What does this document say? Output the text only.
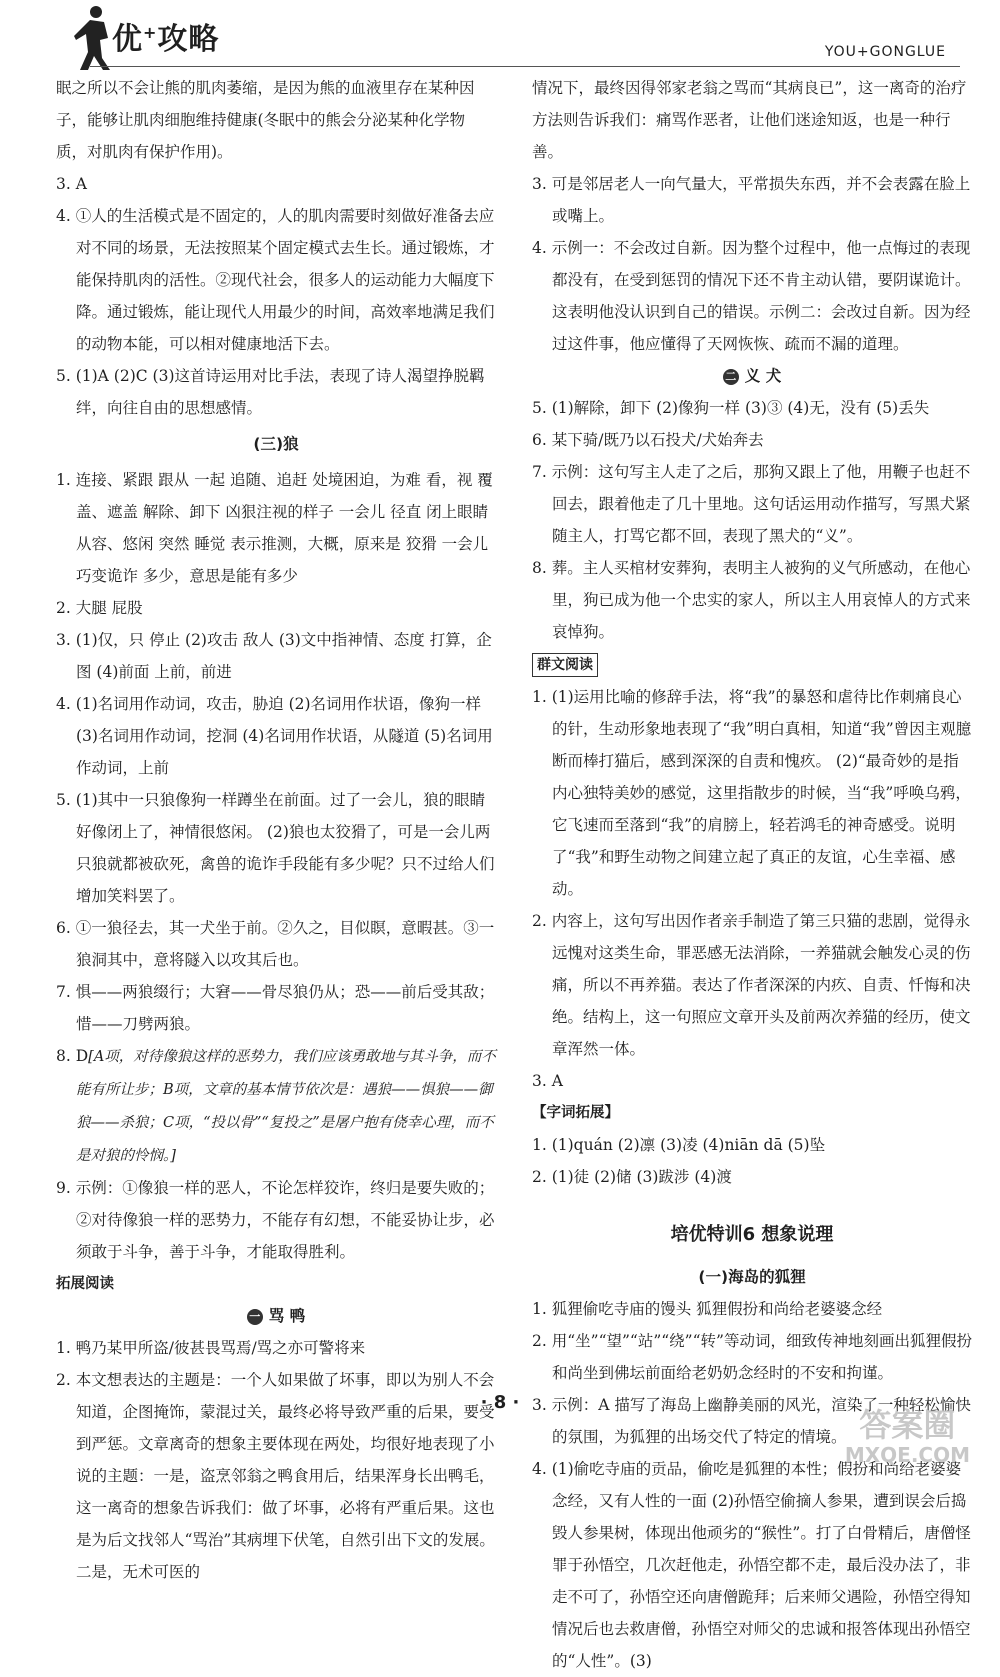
优+攻略	YOU+GONGLUE

眠之所以不会让熊的肌肉萎缩，是因为熊的血液里存在某种因子，能够让肌肉细胞维持健康(冬眠中的熊会分泌某种化学物质，对肌肉有保护作用)。

3. A

4. ①人的生活模式是不固定的，人的肌肉需要时刻做好准备去应对不同的场景，无法按照某个固定模式去生长。通过锻炼，才能保持肌肉的活性。②现代社会，很多人的运动能力大幅度下降。通过锻炼，能让现代人用最少的时间，高效率地满足我们的动物本能，可以相对健康地活下去。

5. (1)A (2)C (3)这首诗运用对比手法，表现了诗人渴望挣脱羁绊，向往自由的思想感情。

(三)狼

1. 连接、紧跟 跟从 一起 追随、追赶 处境困迫，为难 看，视 覆盖、遮盖 解除、卸下 凶狠注视的样子 一会儿 径直 闭上眼睛 从容、悠闲 突然 睡觉 表示推测，大概，原来是 狡猾 一会儿 巧变诡诈 多少，意思是能有多少

2. 大腿 屁股

3. (1)仅，只 停止 (2)攻击 敌人 (3)文中指神情、态度 打算，企图 (4)前面 上前，前进

4. (1)名词用作动词，攻击，胁迫 (2)名词用作状语，像狗一样 (3)名词用作动词，挖洞 (4)名词用作状语，从隧道 (5)名词用作动词，上前

5. (1)其中一只狼像狗一样蹲坐在前面。过了一会儿，狼的眼睛好像闭上了，神情很悠闲。 (2)狼也太狡猾了，可是一会儿两只狼就都被砍死，禽兽的诡诈手段能有多少呢？只不过给人们增加笑料罢了。

6. ①一狼径去，其一犬坐于前。②久之，目似瞑，意暇甚。③一狼洞其中，意将隧入以攻其后也。

7. 惧——两狼缀行；大窘——骨尽狼仍从；恐——前后受其敌；惜——刀劈两狼。

8. D[A项，对待像狼这样的恶势力，我们应该勇敢地与其斗争，而不能有所让步；B项，文章的基本情节依次是：遇狼——惧狼——御狼——杀狼；C项，“投以骨”“复投之”是屠户抱有侥幸心理，而不是对狼的怜悯。]

9. 示例：①像狼一样的恶人，不论怎样狡诈，终归是要失败的；②对待像狼一样的恶势力，不能存有幻想，不能妥协让步，必须敢于斗争，善于斗争，才能取得胜利。

拓展阅读

一 骂 鸭

1. 鸭乃某甲所盗/彼甚畏骂焉/骂之亦可警将来

2. 本文想表达的主题是：一个人如果做了坏事，即以为别人不会知道，企图掩饰，蒙混过关，最终必将导致严重的后果，要受到严惩。文章离奇的想象主要体现在两处，均很好地表现了小说的主题：一是，盗烹邻翁之鸭食用后，结果浑身长出鸭毛，这一离奇的想象告诉我们：做了坏事，必将有严重后果。这也是为后文找邻人“骂治”其病埋下伏笔，自然引出下文的发展。二是，无术可医的

情况下，最终因得邻家老翁之骂而“其病良已”，这一离奇的治疗方法则告诉我们：痛骂作恶者，让他们迷途知返，也是一种行善。

3. 可是邻居老人一向气量大，平常损失东西，并不会表露在脸上或嘴上。

4. 示例一：不会改过自新。因为整个过程中，他一点悔过的表现都没有，在受到惩罚的情况下还不肯主动认错，要阴谋诡计。这表明他没认识到自己的错误。示例二：会改过自新。因为经过这件事，他应懂得了天网恢恢、疏而不漏的道理。

二 义 犬

5. (1)解除，卸下 (2)像狗一样 (3)③ (4)无，没有 (5)丢失

6. 某下骑/既乃以石投犬/犬始奔去

7. 示例：这句写主人走了之后，那狗又跟上了他，用鞭子也赶不回去，跟着他走了几十里地。这句话运用动作描写，写黑犬紧随主人，打骂它都不回，表现了黑犬的“义”。

8. 葬。主人买棺材安葬狗，表明主人被狗的义气所感动，在他心里，狗已成为他一个忠实的家人，所以主人用哀悼人的方式来哀悼狗。

群文阅读

1. (1)运用比喻的修辞手法，将“我”的暴怒和虐待比作刺痛良心的针，生动形象地表现了“我”明白真相，知道“我”曾因主观臆断而棒打猫后，感到深深的自责和愧疚。 (2)“最奇妙的是指内心独特美妙的感觉，这里指散步的时候，当“我”呼唤乌鸦，它飞速而至落到“我”的肩膀上，轻若鸿毛的神奇感受。说明了“我”和野生动物之间建立起了真正的友谊，心生幸福、感动。

2. 内容上，这句写出因作者亲手制造了第三只猫的悲剧，觉得永远愧对这类生命，罪恶感无法消除，一养猫就会触发心灵的伤痛，所以不再养猫。表达了作者深深的内疚、自责、忏悔和决绝。结构上，这一句照应文章开头及前两次养猫的经历，使文章浑然一体。

3. A

【字词拓展】

1. (1)quán (2)凛 (3)凌 (4)niān dā (5)坠

2. (1)徒 (2)储 (3)跋涉 (4)渡

培优特训6 想象说理

(一)海岛的狐狸

1. 狐狸偷吃寺庙的馒头 狐狸假扮和尚给老婆婆念经

2. 用“坐”“望”“站”“绕”“转”等动词，细致传神地刻画出狐狸假扮和尚坐到佛坛前面给老奶奶念经时的不安和拘谨。

3. 示例：A 描写了海岛上幽静美丽的风光，渲染了一种轻松愉快的氛围，为狐狸的出场交代了特定的情境。

4. (1)偷吃寺庙的贡品，偷吃是狐狸的本性；假扮和尚给老婆婆念经，又有人性的一面 (2)孙悟空偷摘人参果，遭到误会后捣毁人参果树，体现出他顽劣的“猴性”。打了白骨精后，唐僧怪罪于孙悟空，几次赶他走，孙悟空都不走，最后没办法了，非走不可了，孙悟空还向唐僧跪拜；后来师父遇险，孙悟空得知情况后也去救唐僧，孙悟空对师父的忠诚和报答体现出孙悟空的“人性”。(3)

· 8 ·
答案圈
MXQE.COM
